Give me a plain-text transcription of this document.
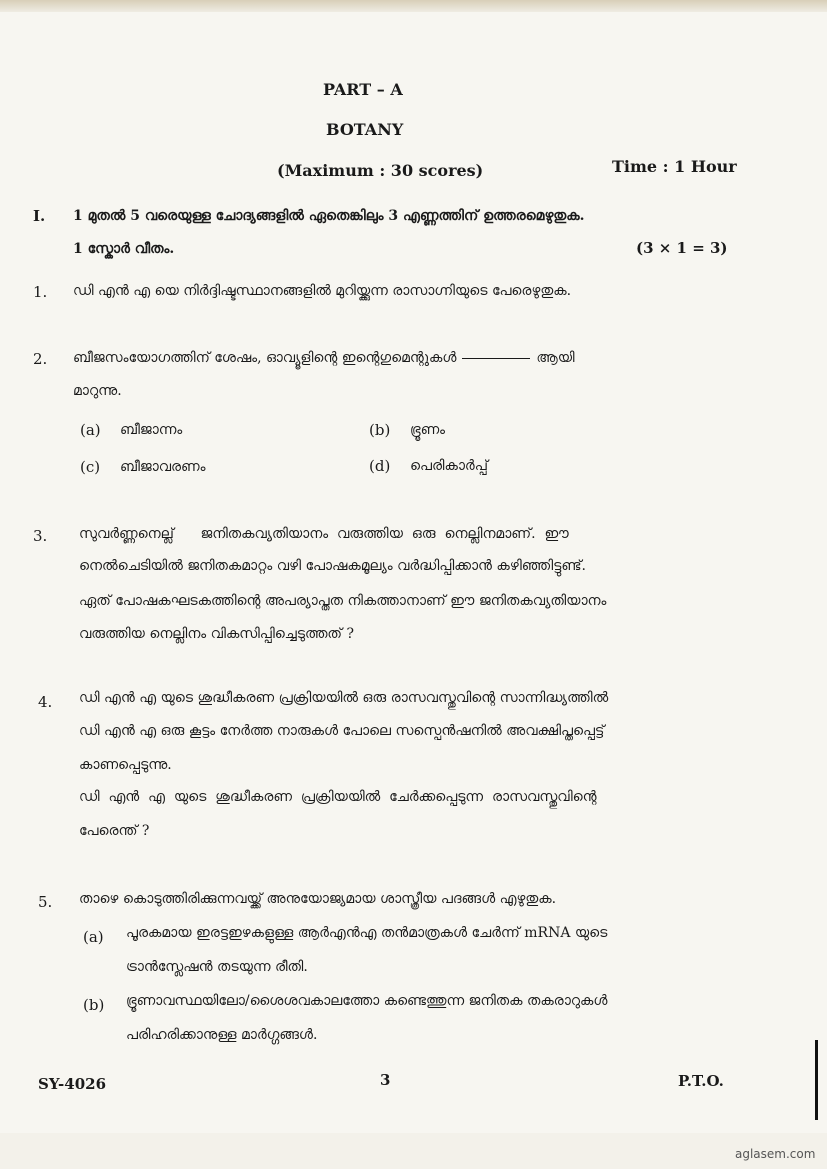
PART – A
BOTANY
(Maximum : 30 scores)	Time : 1 Hour
I. 1 മുതൽ 5 വരെയുള്ള ചോദ്യങ്ങളിൽ ഏതെങ്കിലും 3 എണ്ണത്തിന് ഉത്തരമെഴുതുക.
1 സ്കോർ വീതം.	(3 × 1 = 3)
1. ഡി എൻ എ യെ നിർദ്ദിഷ്ടസ്ഥാനങ്ങളിൽ മുറിയ്ക്കുന്ന രാസാഗ്നിയുടെ പേരെഴുതുക.
2. ബീജസംയോഗത്തിന് ശേഷം, ഓവ്യൂളിന്റെ ഇന്റെഗുമെന്റുകൾ	ആയി
മാറുന്നു.
(a) ബീജാന്നം	(b) ഭ്രൂണം
(c) ബീജാവരണം	(d) പെരികാർപ്പ്
3. സുവർണ്ണനെല്ല്      ജനിതകവ്യതിയാനം  വരുത്തിയ  ഒരു  നെല്ലിനമാണ്.  ഈ
നെൽചെടിയിൽ ജനിതകമാറ്റം വഴി പോഷകമൂല്യം വർദ്ധിപ്പിക്കാൻ കഴിഞ്ഞിട്ടുണ്ട്.
ഏത് പോഷകഘടകത്തിന്റെ അപര്യാപ്തത നികത്താനാണ് ഈ ജനിതകവ്യതിയാനം
വരുത്തിയ നെല്ലിനം വികസിപ്പിച്ചെടുത്തത് ?
4. ഡി എൻ എ യുടെ ശുദ്ധീകരണ പ്രക്രിയയിൽ ഒരു രാസവസ്തുവിന്റെ സാന്നിദ്ധ്യത്തിൽ
ഡി എൻ എ ഒരു കൂട്ടം നേർത്ത നാരുകൾ പോലെ സസ്പെൻഷനിൽ അവക്ഷിപ്തപ്പെട്ട്
കാണപ്പെടുന്നു.
ഡി  എൻ  എ  യുടെ  ശുദ്ധീകരണ  പ്രക്രിയയിൽ  ചേർക്കപ്പെടുന്ന  രാസവസ്തുവിന്റെ
പേരെന്ത് ?
5. താഴെ കൊടുത്തിരിക്കുന്നവയ്ക്ക് അനുയോജ്യമായ ശാസ്ത്രീയ പദങ്ങൾ എഴുതുക.
(a) പൂരകമായ ഇരട്ടഇഴകളുള്ള ആർഎൻഎ തൻമാത്രകൾ ചേർന്ന് mRNA യുടെ
ട്രാൻസ്ലേഷൻ തടയുന്ന രീതി.
(b) ഭ്രൂണാവസ്ഥയിലോ/ശൈശവകാലത്തോ കണ്ടെത്തുന്ന ജനിതക തകരാറുകൾ
പരിഹരിക്കാനുള്ള മാർഗ്ഗങ്ങൾ.
SY-4026	3	P.T.O.
aglasem.com
